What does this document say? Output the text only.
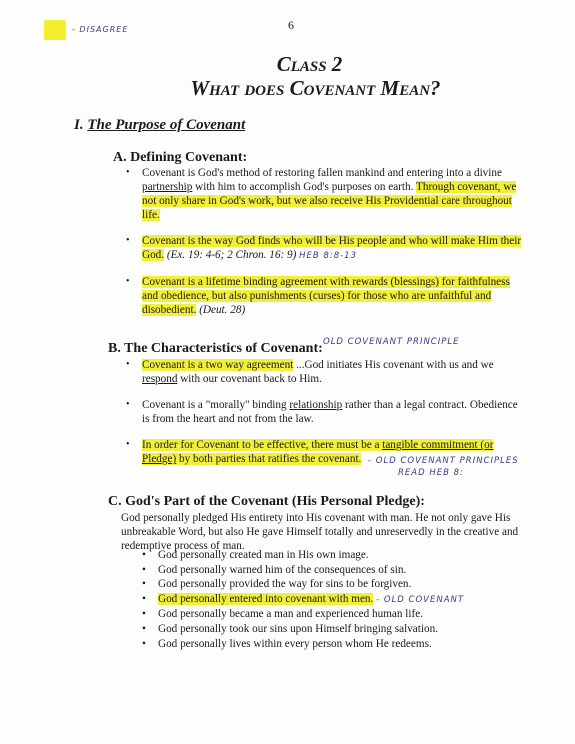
- DISAGREE	6
Class 2
What does Covenant Mean?
I. The Purpose of Covenant
A. Defining Covenant:
• Covenant is God's method of restoring fallen mankind and entering into a divine partnership with him to accomplish God's purposes on earth. Through covenant, we not only share in God's work, but we also receive His Providential care throughout life.
• Covenant is the way God finds who will be His people and who will make Him their God. (Ex. 19: 4-6; 2 Chron. 16: 9) HEB 8:8-13
• Covenant is a lifetime binding agreement with rewards (blessings) for faithfulness and obedience, but also punishments (curses) for those who are unfaithful and disobedient. (Deut. 28)
B. The Characteristics of Covenant: OLD COVENANT PRINCIPLE
• Covenant is a two way agreement ...God initiates His covenant with us and we respond with our covenant back to Him.
• Covenant is a "morally" binding relationship rather than a legal contract. Obedience is from the heart and not from the law.
• In order for Covenant to be effective, there must be a tangible commitment (or Pledge) by both parties that ratifies the covenant. - OLD COVENANT PRINCIPLES
READ HEB 8:
C. God's Part of the Covenant (His Personal Pledge):
God personally pledged His entirety into His covenant with man. He not only gave His unbreakable Word, but also He gave Himself totally and unreservedly in the creative and redemptive process of man.
• God personally created man in His own image.
• God personally warned him of the consequences of sin.
• God personally provided the way for sins to be forgiven.
• God personally entered into covenant with men. - OLD COVENANT
• God personally became a man and experienced human life.
• God personally took our sins upon Himself bringing salvation.
• God personally lives within every person whom He redeems.
